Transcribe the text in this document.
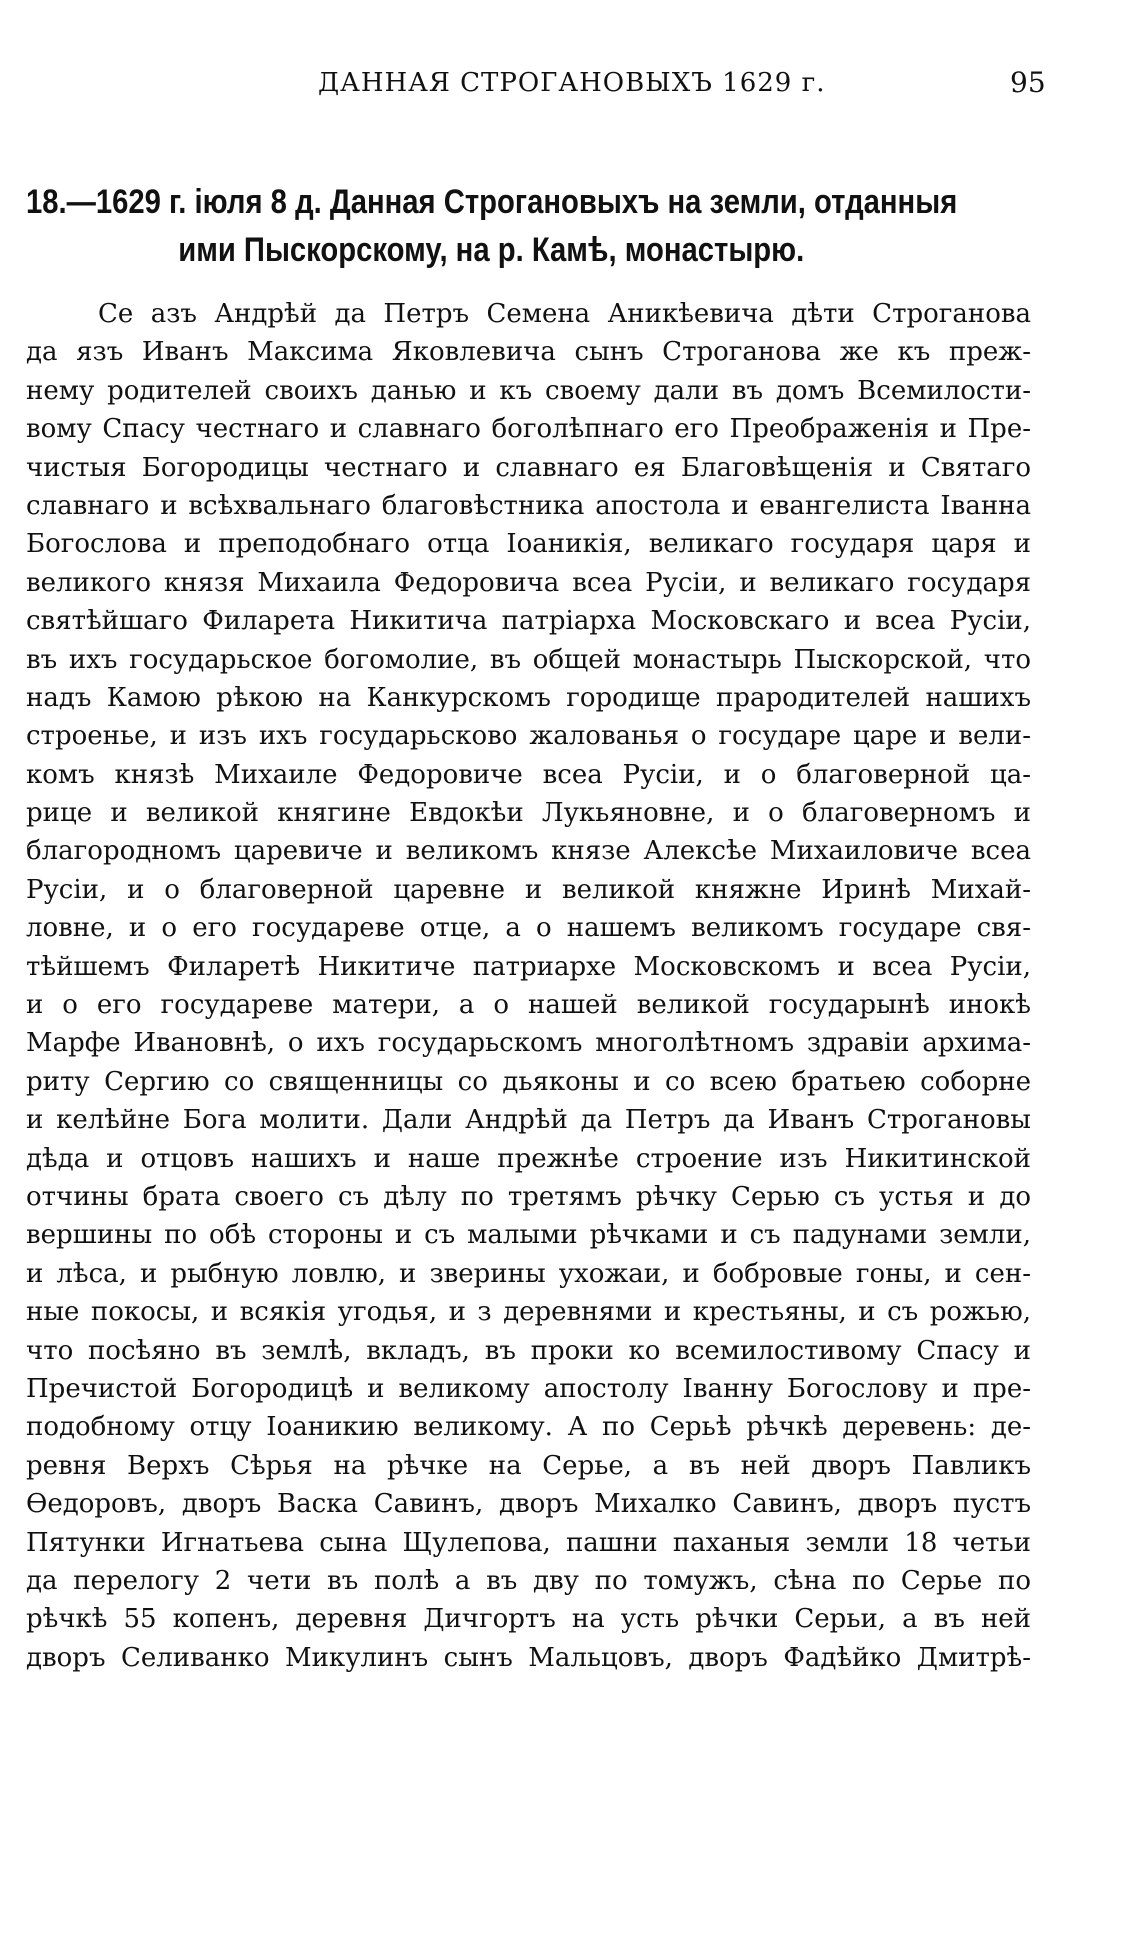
ДАННАЯ СТРОГАНОВЫХЪ 1629 г.	95
18.—1629 г. іюля 8 д. Данная Строгановыхъ на земли, отданныя
ими Пыскорскому, на р. Камѣ, монастырю.
Се азъ Андрѣй да Петръ Семена Аникѣевича дѣти Строганова
да язъ Иванъ Максима Яковлевича сынъ Строганова же къ преж-
нему родителей своихъ данью и къ своему дали въ домъ Всемилости-
вому Спасу честнаго и славнаго боголѣпнаго его Преображенія и Пре-
чистыя Богородицы честнаго и славнаго ея Благовѣщенія и Святаго
славнаго и всѣхвальнаго благовѣстника апостола и евангелиста Іванна
Богослова и преподобнаго отца Іоаникія, великаго государя царя и
великого князя Михаила Федоровича всеа Русіи, и великаго государя
святѣйшаго Филарета Никитича патріарха Московскаго и всеа Русіи,
въ ихъ государьское богомолие, въ общей монастырь Пыскорской, что
надъ Камою рѣкою на Канкурскомъ городище прародителей нашихъ
строенье, и изъ ихъ государьсково жалованья о государе царе и вели-
комъ князѣ Михаиле Федоровиче всеа Русіи, и о благоверной ца-
рице и великой княгине Евдокѣи Лукьяновне, и о благоверномъ и
благородномъ царевиче и великомъ князе Алексѣе Михаиловиче всеа
Русіи, и о благоверной царевне и великой княжне Иринѣ Михай-
ловне, и о его государеве отце, а о нашемъ великомъ государе свя-
тѣйшемъ Филаретѣ Никитиче патриархе Московскомъ и всеа Русіи,
и о его государеве матери, а о нашей великой государынѣ инокѣ
Марфе Ивановнѣ, о ихъ государьскомъ многолѣтномъ здравіи архима-
риту Сергию со священницы со дьяконы и со всею братьею соборне
и келѣйне Бога молити. Дали Андрѣй да Петръ да Иванъ Строгановы
дѣда и отцовъ нашихъ и наше прежнѣе строение изъ Никитинской
отчины брата своего съ дѣлу по третямъ рѣчку Серью съ устья и до
вершины по обѣ стороны и съ малыми рѣчками и съ падунами земли,
и лѣса, и рыбную ловлю, и зверины ухожаи, и бобровые гоны, и сен-
ные покосы, и всякія угодья, и з деревнями и крестьяны, и съ рожью,
что посѣяно въ землѣ, вкладъ, въ проки ко всемилостивому Спасу и
Пречистой Богородицѣ и великому апостолу Іванну Богослову и пре-
подобному отцу Іоаникию великому. А по Серьѣ рѣчкѣ деревень: де-
ревня Верхъ Сѣрья на рѣчке на Серье, а въ ней дворъ Павликъ
Өедоровъ, дворъ Васка Савинъ, дворъ Михалко Савинъ, дворъ пустъ
Пятунки Игнатьева сына Щулепова, пашни паханыя земли 18 четьи
да перелогу 2 чети въ полѣ а въ дву по томужъ, сѣна по Серье по
рѣчкѣ 55 копенъ, деревня Дичгортъ на усть рѣчки Серьи, а въ ней
дворъ Селиванко Микулинъ сынъ Мальцовъ, дворъ Фадѣйко Дмитрѣ-
